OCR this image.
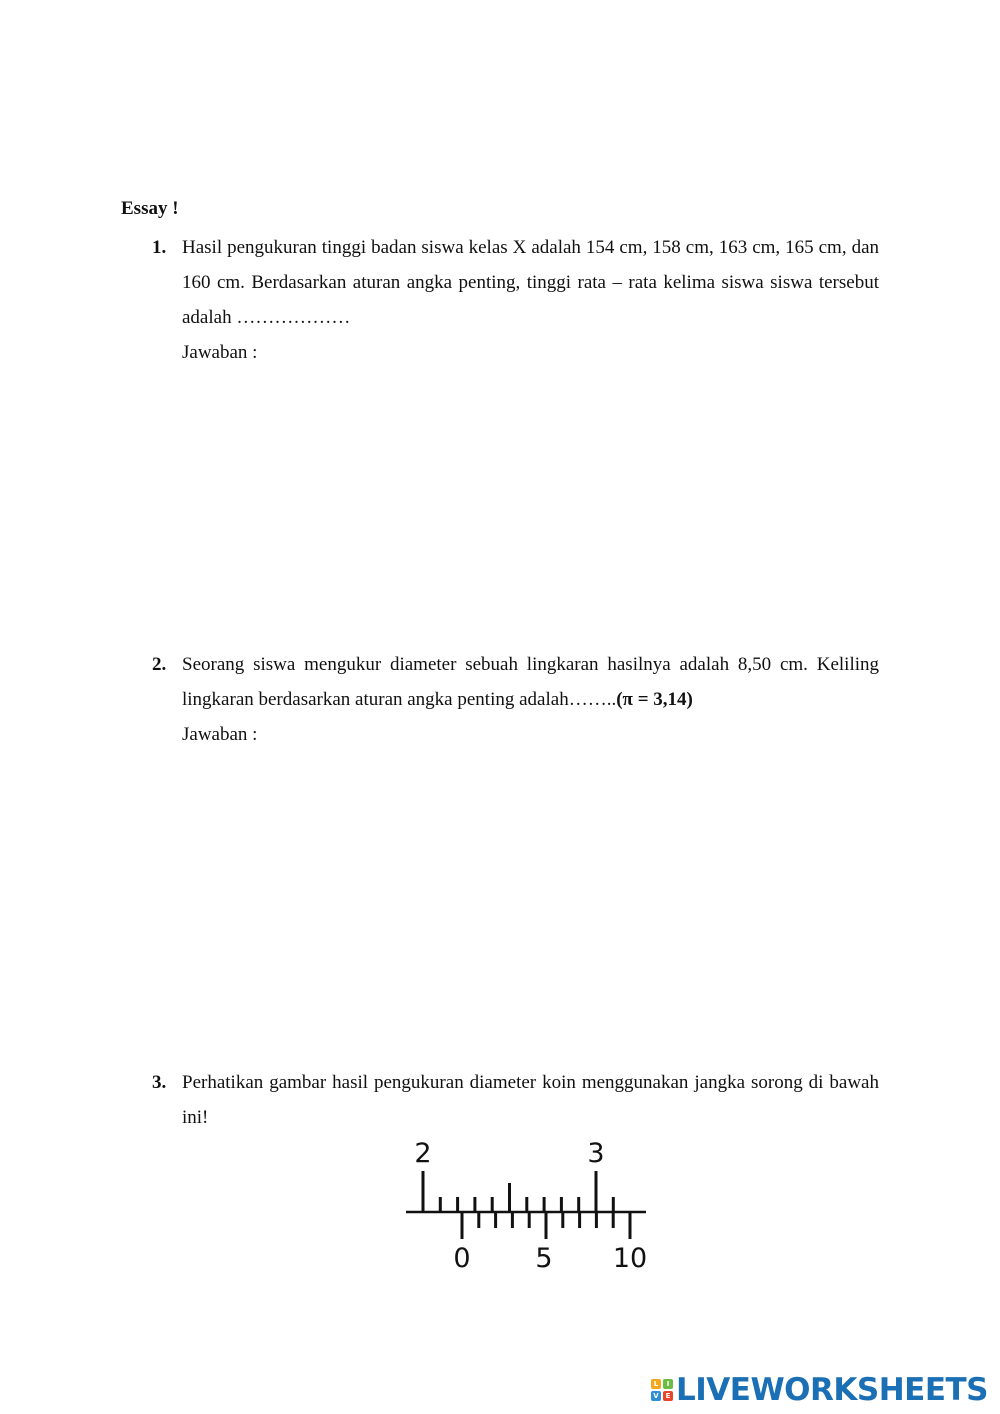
Essay !
1. Hasil pengukuran tinggi badan siswa kelas X adalah 154 cm, 158 cm, 163 cm, 165 cm, dan 160 cm. Berdasarkan aturan angka penting, tinggi rata – rata kelima siswa siswa tersebut adalah ………………
Jawaban :
2. Seorang siswa mengukur diameter sebuah lingkaran hasilnya adalah 8,50 cm. Keliling lingkaran berdasarkan aturan angka penting adalah……..(π = 3,14)
Jawaban :
3. Perhatikan gambar hasil pengukuran diameter koin menggunakan jangka sorong di bawah ini!
2	3
0 5 10
L	I
V E LIVEWORKSHEETS
